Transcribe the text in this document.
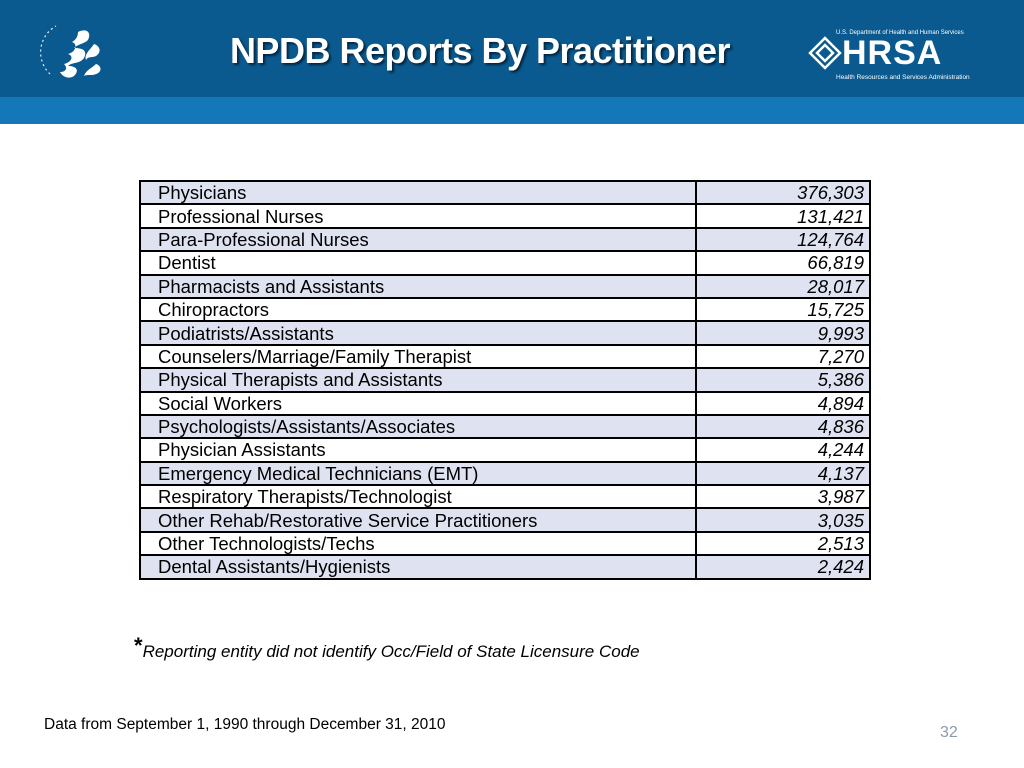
NPDB Reports By Practitioner	U.S. Department of Health and Human Services
HRSA
Health Resources and Services Administration
Physicians	376,303
Professional Nurses	131,421
Para-Professional Nurses	124,764
Dentist	66,819
Pharmacists and Assistants	28,017
Chiropractors	15,725
Podiatrists/Assistants	9,993
Counselers/Marriage/Family Therapist	7,270
Physical Therapists and Assistants	5,386
Social Workers	4,894
Psychologists/Assistants/Associates	4,836
Physician Assistants	4,244
Emergency Medical Technicians (EMT)	4,137
Respiratory Therapists/Technologist	3,987
Other Rehab/Restorative Service Practitioners	3,035
Other Technologists/Techs	2,513
Dental Assistants/Hygienists	2,424
*Reporting entity did not identify Occ/Field of State Licensure Code
Data from September 1, 1990 through December 31, 2010	32
